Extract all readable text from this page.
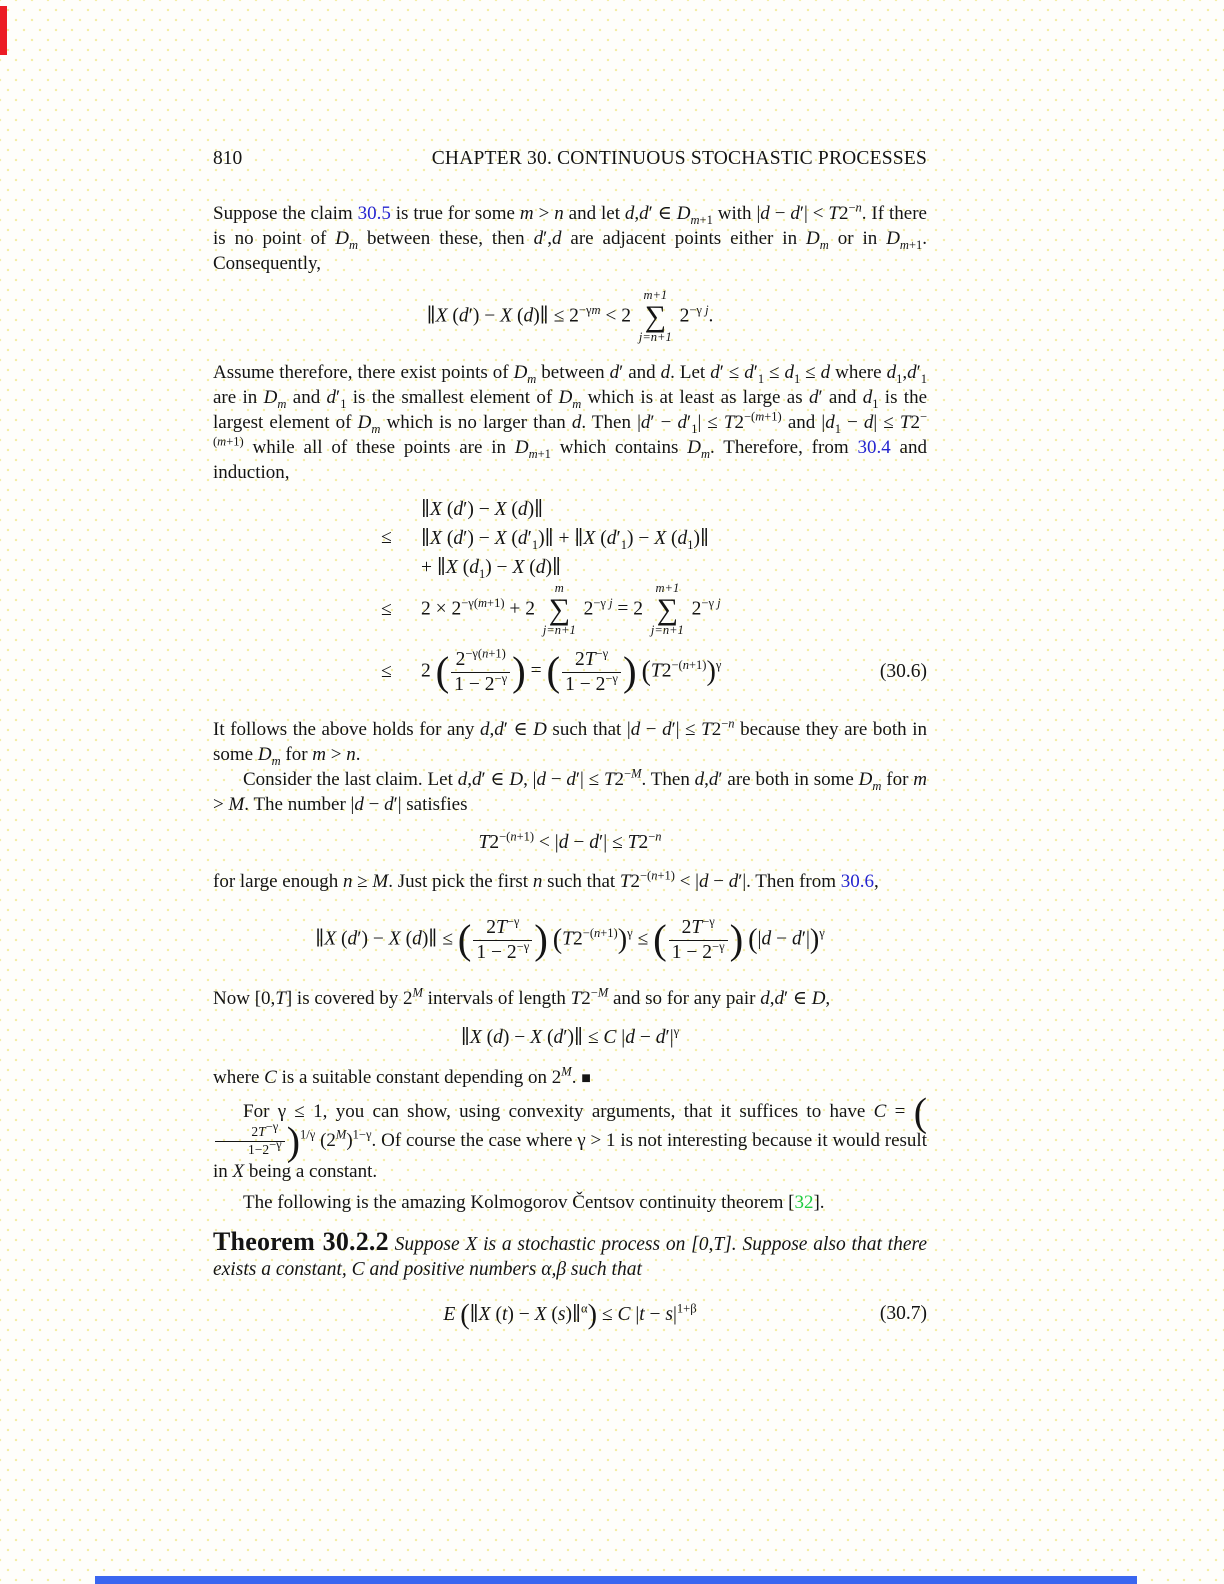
810	CHAPTER 30. CONTINUOUS STOCHASTIC PROCESSES

Suppose the claim 30.5 is true for some m > n and let d,d′ ∈ $D_{m+1}$ with $|d - d'| < T2^{-n}$. If there is no point of $D_m$ between these, then d′,d are adjacent points either in $D_m$ or in $D_{m+1}$. Consequently,

∥X (d′) − X (d)∥ ≤ $2^{-\gamma m} < 2$
m+1
∑
j=n+1
$2^{-\gamma j}$.

Assume therefore, there exist points of $D_m$ between d′ and d. Let $d' \le d'_1 \le d_1 \le d$ where $d_1,d'_1$ are in $D_m$ and $d'_1$ is the smallest element of $D_m$ which is at least as large as d′ and $d_1$ is the largest element of $D_m$ which is no larger than d. Then $|d' - d'_1| \le T2^{-(m+1)}$ and $|d_1 - d| \le T2^{-(m+1)}$ while all of these points are in $D_{m+1}$ which contains $D_m$. Therefore, from 30.4 and induction,

∥X (d′) − X (d)∥
≤	∥X (d′) − X $(d'_1)\parallel$ + ∥X $(d'_1) - X$ $(d_1)\parallel$
+ ∥X $(d_1) - X$ (d)∥
≤	$2 \times 2^{-\gamma(m+1)} + 2$
m
∑
j=n+1
$2^{-\gamma j} = 2$
m+1
∑
j=n+1
$2^{-\gamma j}$
≤	2 ( $\frac{2^{-\gamma(n+1)}}{1 - 2^{-\gamma}}$ ) = ( $\frac{2T^{-\gamma}}{1 - 2^{-\gamma}}$ ) $(T2^{-(n+1)})^\gamma$	(30.6)

It follows the above holds for any d,d′ ∈ D such that $|d - d'| \le T2^{-n}$ because they are both in some $D_m$ for m > n.

Consider the last claim. Let d,d′ ∈ D, $|d - d'| \le T2^{-M}$. Then d,d′ are both in some $D_m$ for m > M. The number |d − d′| satisfies

$T2^{-(n+1)} < |d - d'| \le T2^{-n}$

for large enough n ≥ M. Just pick the first n such that $T2^{-(n+1)} < |d - d'|$. Then from 30.6,

∥X (d′) − X (d)∥ ≤ ( $\frac{2T^{-\gamma}}{1 - 2^{-\gamma}}$ ) $(T2^{-(n+1)})^\gamma$ ≤ ( $\frac{2T^{-\gamma}}{1 - 2^{-\gamma}}$ ) $(|d - d'|)^\gamma$

Now [0,T] is covered by $2^M$ intervals of length $T2^{-M}$ and so for any pair d,d′ ∈ D,

∥X (d) − X (d′)∥ ≤ C $|d - d'|^\gamma$

where C is a suitable constant depending on $2^M$. ■

For γ ≤ 1, you can show, using convexity arguments, that it suffices to have C = (
$\frac{2T^{-\gamma}}{1-2^{-\gamma}} )^{1/\gamma}$ $(2^M)^{1-\gamma}$. Of course the case where γ > 1 is not interesting because it would result in X being a constant.

The following is the amazing Kolmogorov Čentsov continuity theorem [32].

Theorem 30.2.2 Suppose X is a stochastic process on [0,T]. Suppose also that there exists a constant, C and positive numbers α,β such that

E (∥X (t) − X (s)∥$^\alpha$) ≤ C $|t - s|^{1+\beta}$	(30.7)
